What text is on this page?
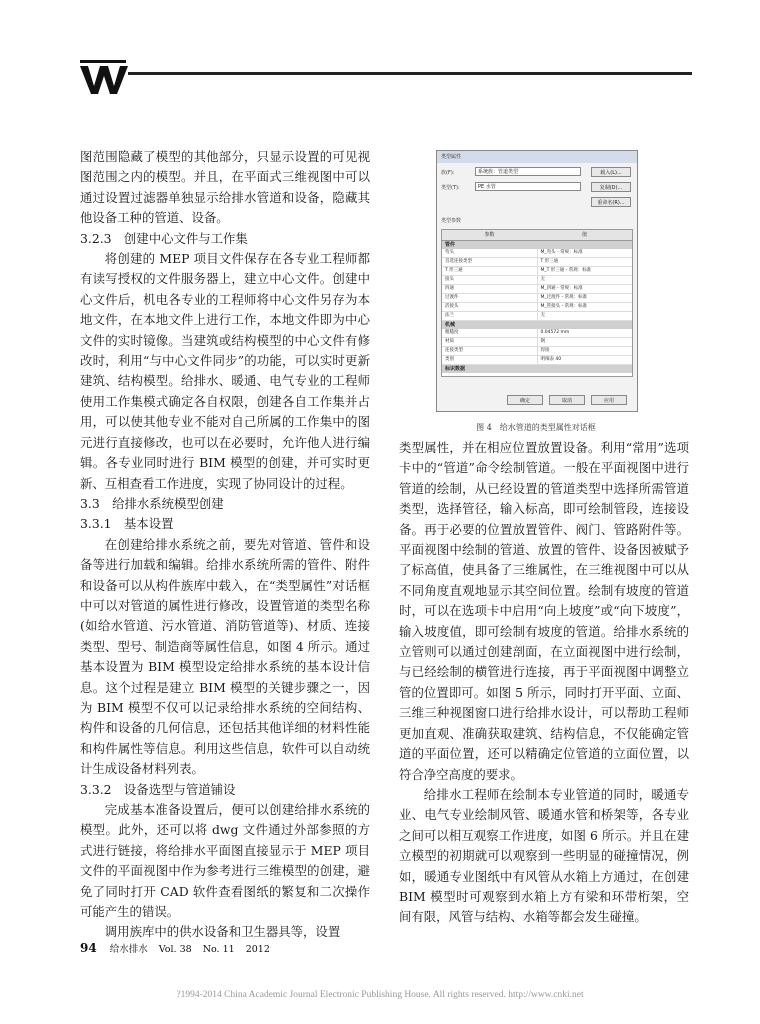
图范围隐藏了模型的其他部分，只显示设置的可见视图范围之内的模型。并且，在平面式三维视图中可以通过设置过滤器单独显示给排水管道和设备，隐藏其他设备工种的管道、设备。

3.2.3　创建中心文件与工作集

将创建的 MEP 项目文件保存在各专业工程师都有读写授权的文件服务器上，建立中心文件。创建中心文件后，机电各专业的工程师将中心文件另存为本地文件，在本地文件上进行工作，本地文件即为中心文件的实时镜像。当建筑或结构模型的中心文件有修改时，利用“与中心文件同步”的功能，可以实时更新建筑、结构模型。给排水、暖通、电气专业的工程师使用工作集模式确定各自权限，创建各自工作集并占用，可以使其他专业不能对自己所属的工作集中的图元进行直接修改，也可以在必要时，允许他人进行编辑。各专业同时进行 BIM 模型的创建，并可实时更新、互相查看工作进度，实现了协同设计的过程。

3.3　给排水系统模型创建

3.3.1　基本设置

在创建给排水系统之前，要先对管道、管件和设备等进行加载和编辑。给排水系统所需的管件、附件和设备可以从构件族库中载入，在“类型属性”对话框中可以对管道的属性进行修改，设置管道的类型名称(如给水管道、污水管道、消防管道等)、材质、连接类型、型号、制造商等属性信息，如图 4 所示。通过基本设置为 BIM 模型设定给排水系统的基本设计信息。这个过程是建立 BIM 模型的关键步骤之一，因为 BIM 模型不仅可以记录给排水系统的空间结构、构件和设备的几何信息，还包括其他详细的材料性能和构件属性等信息。利用这些信息，软件可以自动统计生成设备材料列表。

3.3.2　设备选型与管道铺设

完成基本准备设置后，便可以创建给排水系统的模型。此外，还可以将 dwg 文件通过外部参照的方式进行链接，将给排水平面图直接显示于 MEP 项目文件的平面视图中作为参考进行三维模型的创建，避免了同时打开 CAD 软件查看图纸的繁复和二次操作可能产生的错误。

调用族库中的供水设备和卫生器具等，设置

类型属性
族(F):	系统族：管道类型	载入(L)...
类型(T):	PE 水管	复制(D)...
重命名(R)...
类型参数
参数	值
管件
弯头	M_弯头 - 常规：标准
首选连接类型	T 形三通
T 形三通	M_T 形三通 - 常规：标准
接头	无
四通	M_四通 - 常规：标准
过渡件	M_过渡件 - 常规：标准
活接头	M_管接头 - 常规：标准
法兰	无
机械
粗糙度	0.04572 mm
材质	钢
连接类型	焊接
类别	明细表 40
标识数据
确定	取消	应用
图 4　给水管道的类型属性对话框

类型属性，并在相应位置放置设备。利用“常用”选项卡中的“管道”命令绘制管道。一般在平面视图中进行管道的绘制，从已经设置的管道类型中选择所需管道类型，选择管径，输入标高，即可绘制管段，连接设备。再于必要的位置放置管件、阀门、管路附件等。平面视图中绘制的管道、放置的管件、设备因被赋予了标高值，使具备了三维属性，在三维视图中可以从不同角度直观地显示其空间位置。绘制有坡度的管道时，可以在选项卡中启用“向上坡度”或“向下坡度”，输入坡度值，即可绘制有坡度的管道。给排水系统的立管则可以通过创建剖面，在立面视图中进行绘制，与已经绘制的横管进行连接，再于平面视图中调整立管的位置即可。如图 5 所示，同时打开平面、立面、三维三种视图窗口进行给排水设计，可以帮助工程师更加直观、准确获取建筑、结构信息，不仅能确定管道的平面位置，还可以精确定位管道的立面位置，以符合净空高度的要求。

给排水工程师在绘制本专业管道的同时，暖通专业、电气专业绘制风管、暖通水管和桥架等，各专业之间可以相互观察工作进度，如图 6 所示。并且在建立模型的初期就可以观察到一些明显的碰撞情况，例如，暖通专业图纸中有风管从水箱上方通过，在创建 BIM 模型时可观察到水箱上方有梁和环带桁架，空间有限，风管与结构、水箱等都会发生碰撞。

94 给水排水 Vol. 38 No. 11 2012
?1994-2014 China Academic Journal Electronic Publishing House. All rights reserved. http://www.cnki.net
